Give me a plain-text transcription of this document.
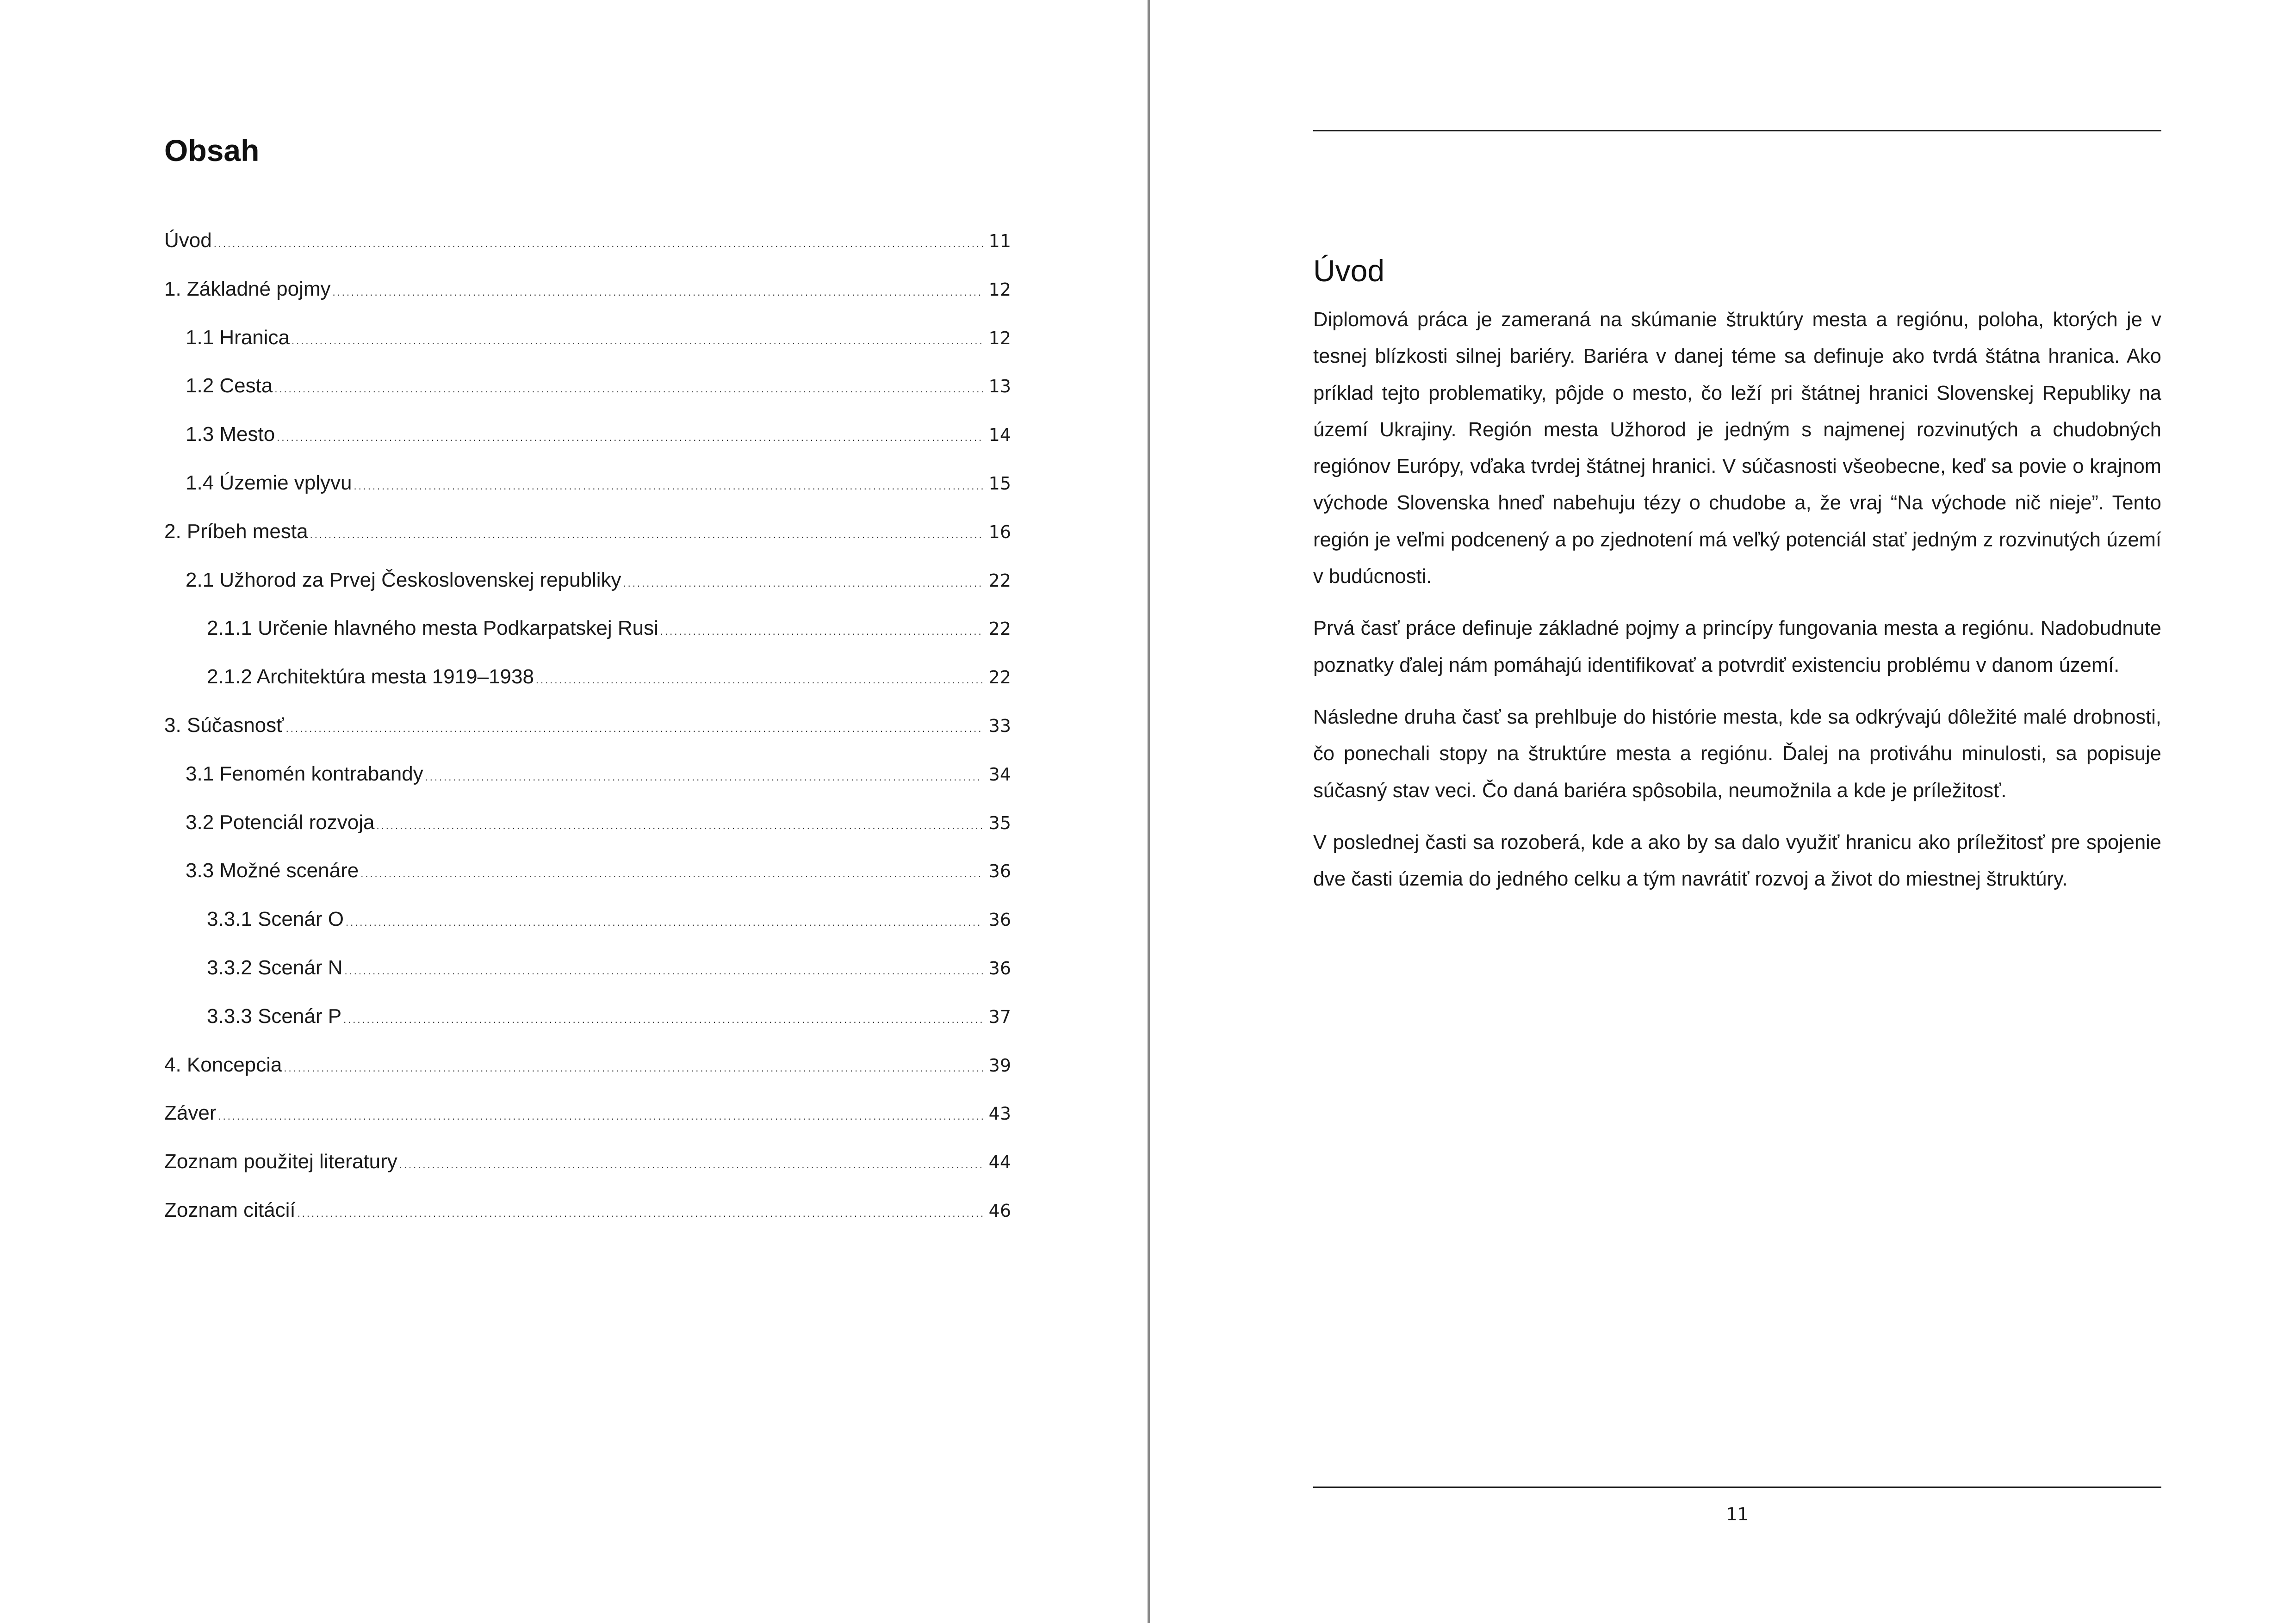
Obsah
Úvod .....	11
1. Základné pojmy .....	12
1.1 Hranica .....	12
1.2 Cesta .....	13
1.3 Mesto .....	14
1.4 Územie vplyvu .....	15
2. Príbeh mesta .....	16
2.1 Užhorod za Prvej Československej republiky .....	22
2.1.1 Určenie hlavného mesta Podkarpatskej Rusi .....	22
2.1.2 Architektúra mesta 1919–1938 .....	22
3. Súčasnosť .....	33
3.1 Fenomén kontrabandy .....	34
3.2 Potenciál rozvoja .....	35
3.3 Možné scenáre .....	36
3.3.1 Scenár O .....	36
3.3.2 Scenár N .....	36
3.3.3 Scenár P .....	37
4. Koncepcia .....	39
Záver .....	43
Zoznam použitej literatury .....	44
Zoznam citácií .....	46
Úvod

Diplomová práca je zameraná na skúmanie štruktúry mesta a regiónu, poloha, ktorých je v tesnej blízkosti silnej bariéry. Bariéra v danej téme sa definuje ako tvrdá štátna hranica. Ako príklad tejto problematiky, pôjde o mesto, čo leží pri štátnej hranici Slovenskej Republiky na území Ukrajiny. Región mesta Užhorod je jedným s najmenej rozvinutých a chudobných regiónov Európy, vďaka tvrdej štátnej hranici. V súčasnosti všeobecne, keď sa povie o krajnom východe Slovenska hneď nabehuju tézy o chudobe a, že vraj “Na východe nič nieje”. Tento región je veľmi podcenený a po zjednotení má veľký potenciál stať jedným z rozvinutých území v budúcnosti.

Prvá časť práce definuje základné pojmy a princípy fungovania mesta a regiónu. Nadobudnute poznatky ďalej nám pomáhajú identifikovať a potvrdiť existenciu problému v danom území.

Následne druha časť sa prehlbuje do histórie mesta, kde sa odkrývajú dôležité malé drobnosti, čo ponechali stopy na štruktúre mesta a regiónu. Ďalej na protiváhu minulosti, sa popisuje súčasný stav veci. Čo daná bariéra spôsobila, neumožnila a kde je príležitosť.

V poslednej časti sa rozoberá, kde a ako by sa dalo využiť hranicu ako príležitosť pre spojenie dve časti územia do jedného celku a tým navrátiť rozvoj a život do miestnej štruktúry.

11
